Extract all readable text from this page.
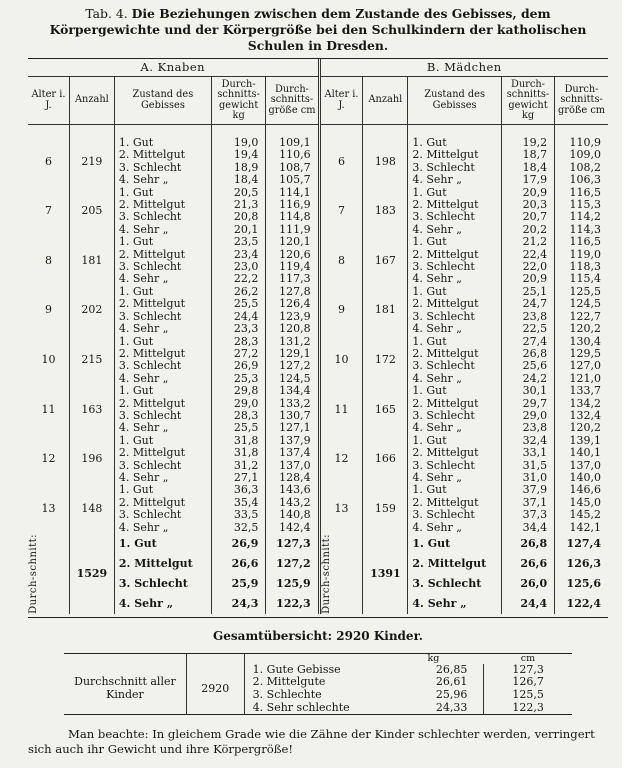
Tab. 4. Die Beziehungen zwischen dem Zustande des Gebisses, dem Körpergewichte und der Körpergröße bei den Schulkindern der katholischen Schulen in Dresden.

A. Knaben					B. Mädchen				
Alter i. J.	Anzahl	Zustand des Gebisses	Durch-schnitts-gewicht kg	Durch-schnitts-größe cm	Alter i. J.	Anzahl	Zustand des Gebisses	Durch-schnitts-gewicht kg	Durch-schnitts-größe cm

6	219	1. Gut	19,0	109,1	6	198	1. Gut	19,2	110,9
		2. Mittelgut	19,4	110,6			2. Mittelgut	18,7	109,0
		3. Schlecht	18,9	108,7			3. Schlecht	18,4	108,2
		4. Sehr „	18,4	105,7			4. Sehr „	17,9	106,3
7	205	1. Gut	20,5	114,1	7	183	1. Gut	20,9	116,5
		2. Mittelgut	21,3	116,9			2. Mittelgut	20,3	115,3
		3. Schlecht	20,8	114,8			3. Schlecht	20,7	114,2
		4. Sehr „	20,1	111,9			4. Sehr „	20,2	114,3
8	181	1. Gut	23,5	120,1	8	167	1. Gut	21,2	116,5
		2. Mittelgut	23,4	120,6			2. Mittelgut	22,4	119,0
		3. Schlecht	23,0	119,4			3. Schlecht	22,0	118,3
		4. Sehr „	22,2	117,3			4. Sehr „	20,9	115,4
9	202	1. Gut	26,2	127,8	9	181	1. Gut	25,1	125,5
		2. Mittelgut	25,5	126,4			2. Mittelgut	24,7	124,5
		3. Schlecht	24,4	123,9			3. Schlecht	23,8	122,7
		4. Sehr „	23,3	120,8			4. Sehr „	22,5	120,2
10	215	1. Gut	28,3	131,2	10	172	1. Gut	27,4	130,4
		2. Mittelgut	27,2	129,1			2. Mittelgut	26,8	129,5
		3. Schlecht	26,9	127,2			3. Schlecht	25,6	127,0
		4. Sehr „	25,3	124,5			4. Sehr „	24,2	121,0
11	163	1. Gut	29,8	134,4	11	165	1. Gut	30,1	133,7
		2. Mittelgut	29,0	133,2			2. Mittelgut	29,7	134,2
		3. Schlecht	28,3	130,7			3. Schlecht	29,0	132,4
		4. Sehr „	25,5	127,1			4. Sehr „	23,8	120,2
12	196	1. Gut	31,8	137,9	12	166	1. Gut	32,4	139,1
		2. Mittelgut	31,8	137,4			2. Mittelgut	33,1	140,1
		3. Schlecht	31,2	137,0			3. Schlecht	31,5	137,0
		4. Sehr „	27,1	128,4			4. Sehr „	31,0	140,0
13	148	1. Gut	36,3	143,6	13	159	1. Gut	37,9	146,6
		2. Mittelgut	35,4	143,2			2. Mittelgut	37,1	145,0
		3. Schlecht	33,5	140,8			3. Schlecht	37,3	145,2
		4. Sehr „	32,5	142,4			4. Sehr „	34,4	142,1

Durch-schnitt:	1529	1. Gut	26,9	127,3	Durch-schnitt:	1391	1. Gut	26,8	127,4
		2. Mittelgut	26,6	127,2			2. Mittelgut	26,6	126,3
		3. Schlecht	25,9	125,9			3. Schlecht	26,0	125,6
		4. Sehr „	24,3	122,3			4. Sehr „	24,4	122,4

Gesamtübersicht: 2920 Kinder.

			kg	cm
Durchschnitt aller Kinder	2920	1. Gute Gebisse	26,85	127,3
		2. Mittelgute	26,61	126,7
		3. Schlechte	25,96	125,5
		4. Sehr schlechte	24,33	122,3

Man beachte: In gleichem Grade wie die Zähne der Kinder schlechter werden, verringert sich auch ihr Gewicht und ihre Körpergröße!
